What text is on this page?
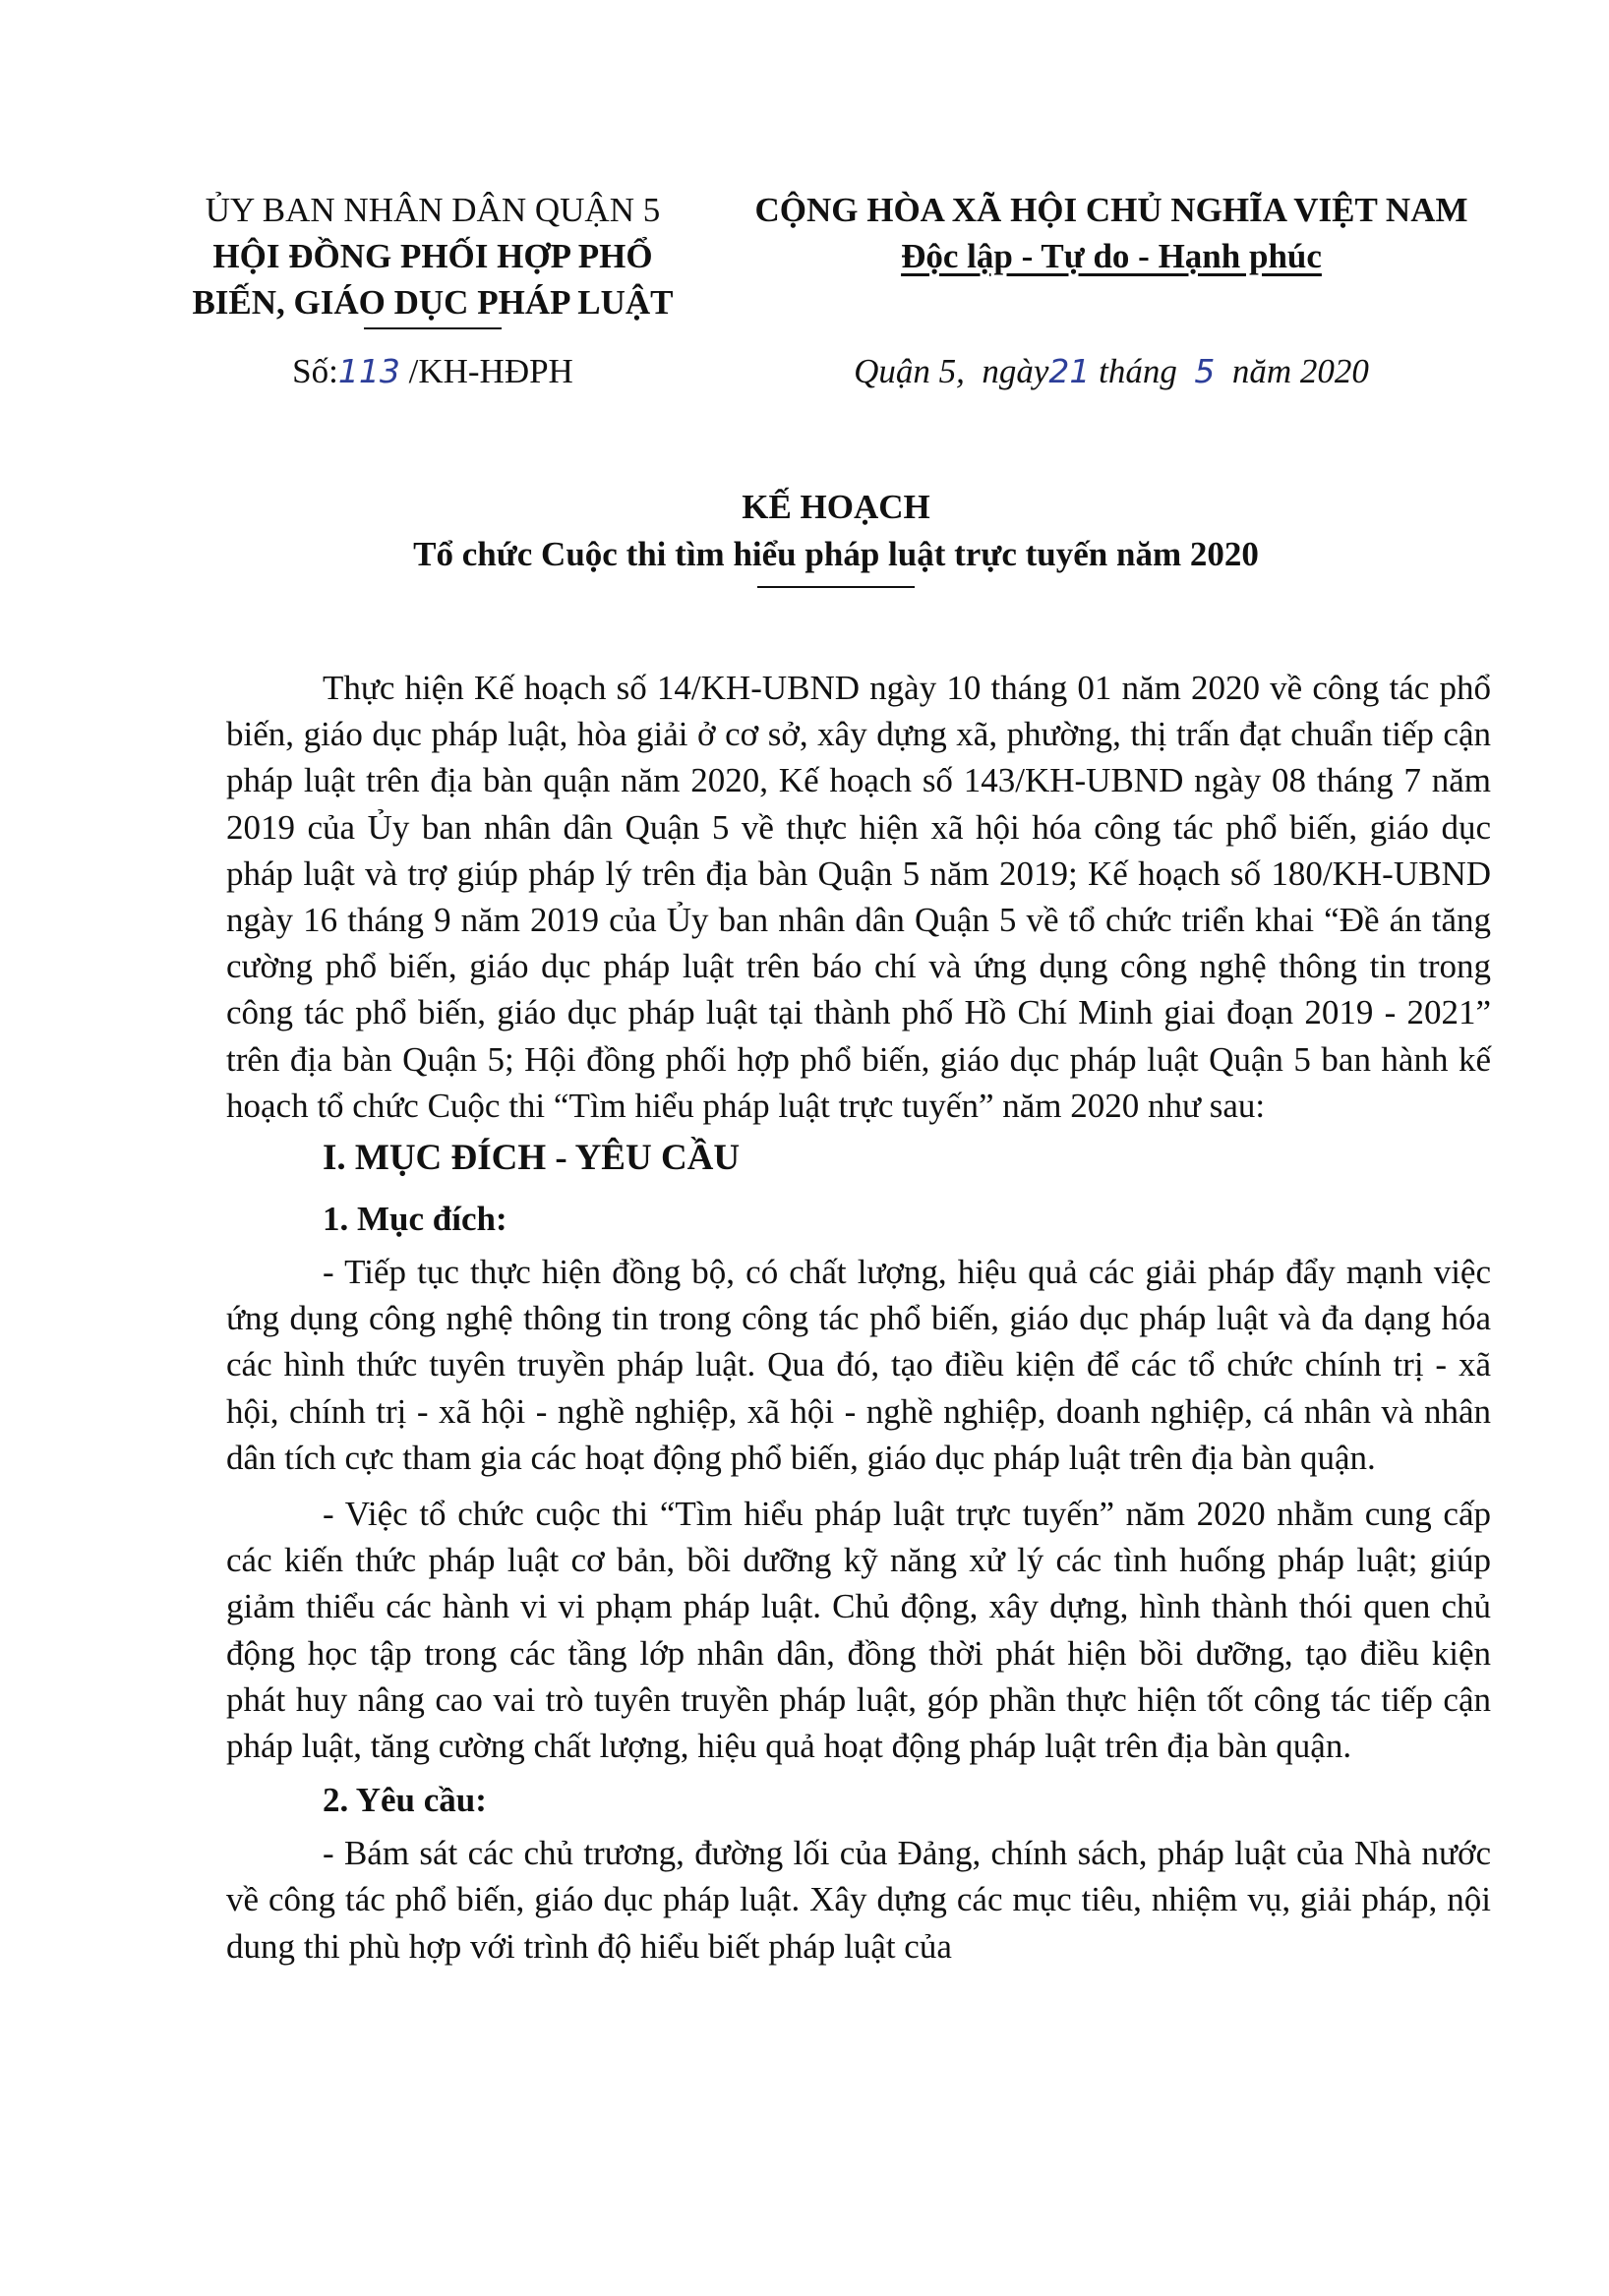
ỦY BAN NHÂN DÂN QUẬN 5
HỘI ĐỒNG PHỐI HỢP PHỔ
BIẾN, GIÁO DỤC PHÁP LUẬT
CỘNG HÒA XÃ HỘI CHỦ NGHĨA VIỆT NAM
Độc lập - Tự do - Hạnh phúc
Số:113 /KH-HĐPH	Quận 5, ngày21 tháng 5 năm 2020
KẾ HOẠCH
Tổ chức Cuộc thi tìm hiểu pháp luật trực tuyến năm 2020

Thực hiện Kế hoạch số 14/KH-UBND ngày 10 tháng 01 năm 2020 về công tác phổ biến, giáo dục pháp luật, hòa giải ở cơ sở, xây dựng xã, phường, thị trấn đạt chuẩn tiếp cận pháp luật trên địa bàn quận năm 2020, Kế hoạch số 143/KH-UBND ngày 08 tháng 7 năm 2019 của Ủy ban nhân dân Quận 5 về thực hiện xã hội hóa công tác phổ biến, giáo dục pháp luật và trợ giúp pháp lý trên địa bàn Quận 5 năm 2019; Kế hoạch số 180/KH-UBND ngày 16 tháng 9 năm 2019 của Ủy ban nhân dân Quận 5 về tổ chức triển khai “Đề án tăng cường phổ biến, giáo dục pháp luật trên báo chí và ứng dụng công nghệ thông tin trong công tác phổ biến, giáo dục pháp luật tại thành phố Hồ Chí Minh giai đoạn 2019 - 2021” trên địa bàn Quận 5; Hội đồng phối hợp phổ biến, giáo dục pháp luật Quận 5 ban hành kế hoạch tổ chức Cuộc thi “Tìm hiểu pháp luật trực tuyến” năm 2020 như sau:

I. MỤC ĐÍCH - YÊU CẦU
1. Mục đích:

- Tiếp tục thực hiện đồng bộ, có chất lượng, hiệu quả các giải pháp đẩy mạnh việc ứng dụng công nghệ thông tin trong công tác phổ biến, giáo dục pháp luật và đa dạng hóa các hình thức tuyên truyền pháp luật. Qua đó, tạo điều kiện để các tổ chức chính trị - xã hội, chính trị - xã hội - nghề nghiệp, xã hội - nghề nghiệp, doanh nghiệp, cá nhân và nhân dân tích cực tham gia các hoạt động phổ biến, giáo dục pháp luật trên địa bàn quận.

- Việc tổ chức cuộc thi “Tìm hiểu pháp luật trực tuyến” năm 2020 nhằm cung cấp các kiến thức pháp luật cơ bản, bồi dưỡng kỹ năng xử lý các tình huống pháp luật; giúp giảm thiểu các hành vi vi phạm pháp luật. Chủ động, xây dựng, hình thành thói quen chủ động học tập trong các tầng lớp nhân dân, đồng thời phát hiện bồi dưỡng, tạo điều kiện phát huy nâng cao vai trò tuyên truyền pháp luật, góp phần thực hiện tốt công tác tiếp cận pháp luật, tăng cường chất lượng, hiệu quả hoạt động pháp luật trên địa bàn quận.

2. Yêu cầu:

- Bám sát các chủ trương, đường lối của Đảng, chính sách, pháp luật của Nhà nước về công tác phổ biến, giáo dục pháp luật. Xây dựng các mục tiêu, nhiệm vụ, giải pháp, nội dung thi phù hợp với trình độ hiểu biết pháp luật của
